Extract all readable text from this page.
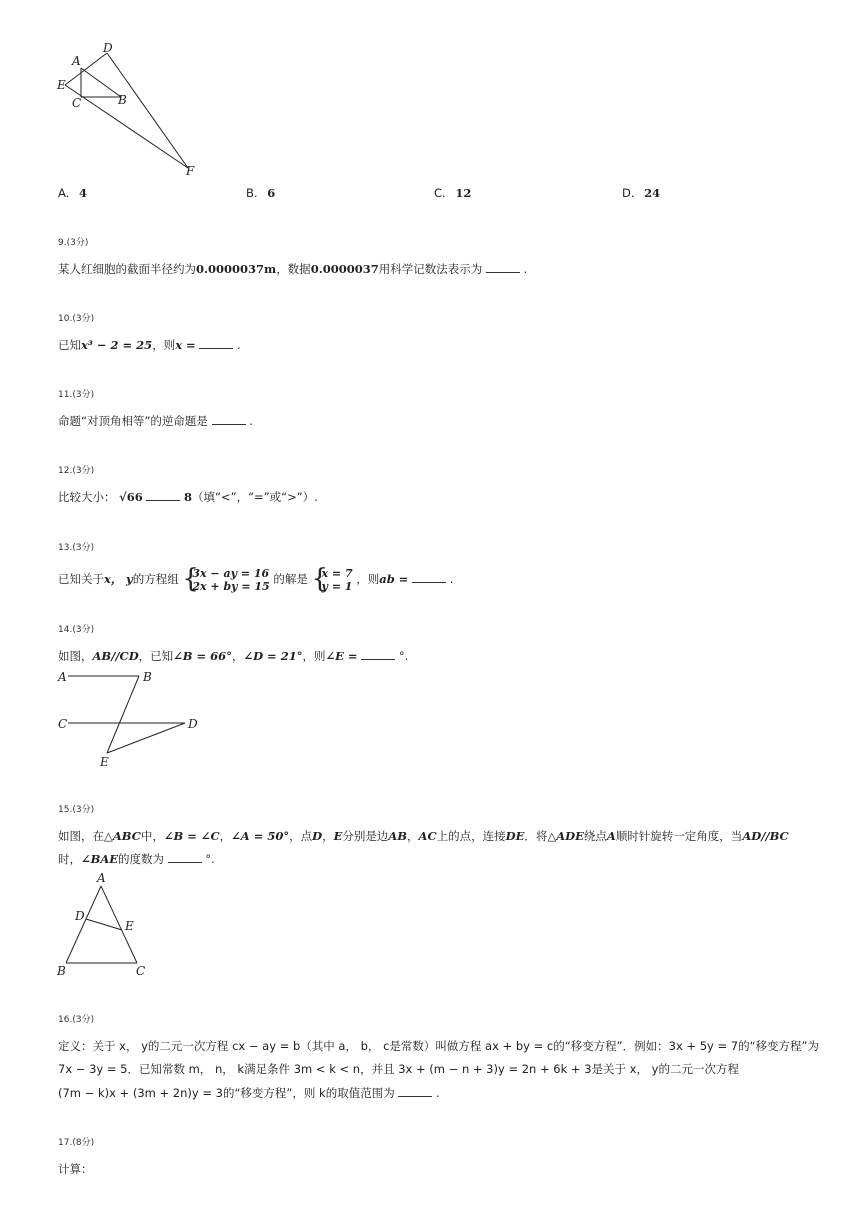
D
A
E
C	B
F
A. 4	B. 6	C. 12	D. 24
9.(3分)
某人红细胞的截面半径约为0.0000037m，数据0.0000037用科学记数法表示为	.
10.(3分)
已知x³ − 2 = 25，则x =	.
11.(3分)
命题“对顶角相等”的逆命题是	.
12.(3分)
比较大小： √66	8（填“<”，“=”或“>”）.
13.(3分)
已知关于x， y的方程组 {
3x − ay = 16
2x + by = 15 的解是 {
x = 7
y = 1 ，则ab =	.
14.(3分)
如图，AB//CD，已知∠B = 66°，∠D = 21°，则∠E =	°.
A	B
C	D
E
15.(3分)
如图，在△ABC中，∠B = ∠C，∠A = 50°，点D，E分别是边AB，AC上的点，连接DE．将△ADE绕点A顺时针旋转一定角度，当AD//BC
时，∠BAE的度数为	°.
A
D
E
B	C
16.(3分)
定义：关于 x， y的二元一次方程 cx − ay = b（其中 a， b， c是常数）叫做方程 ax + by = c的“移变方程”．例如：3x + 5y = 7的“移变方程”为
7x − 3y = 5．已知常数 m， n， k满足条件 3m < k < n，并且 3x + (m − n + 3)y = 2n + 6k + 3是关于 x， y的二元一次方程
(7m − k)x + (3m + 2n)y = 3的“移变方程”，则 k的取值范围为	.
17.(8分)
计算：
